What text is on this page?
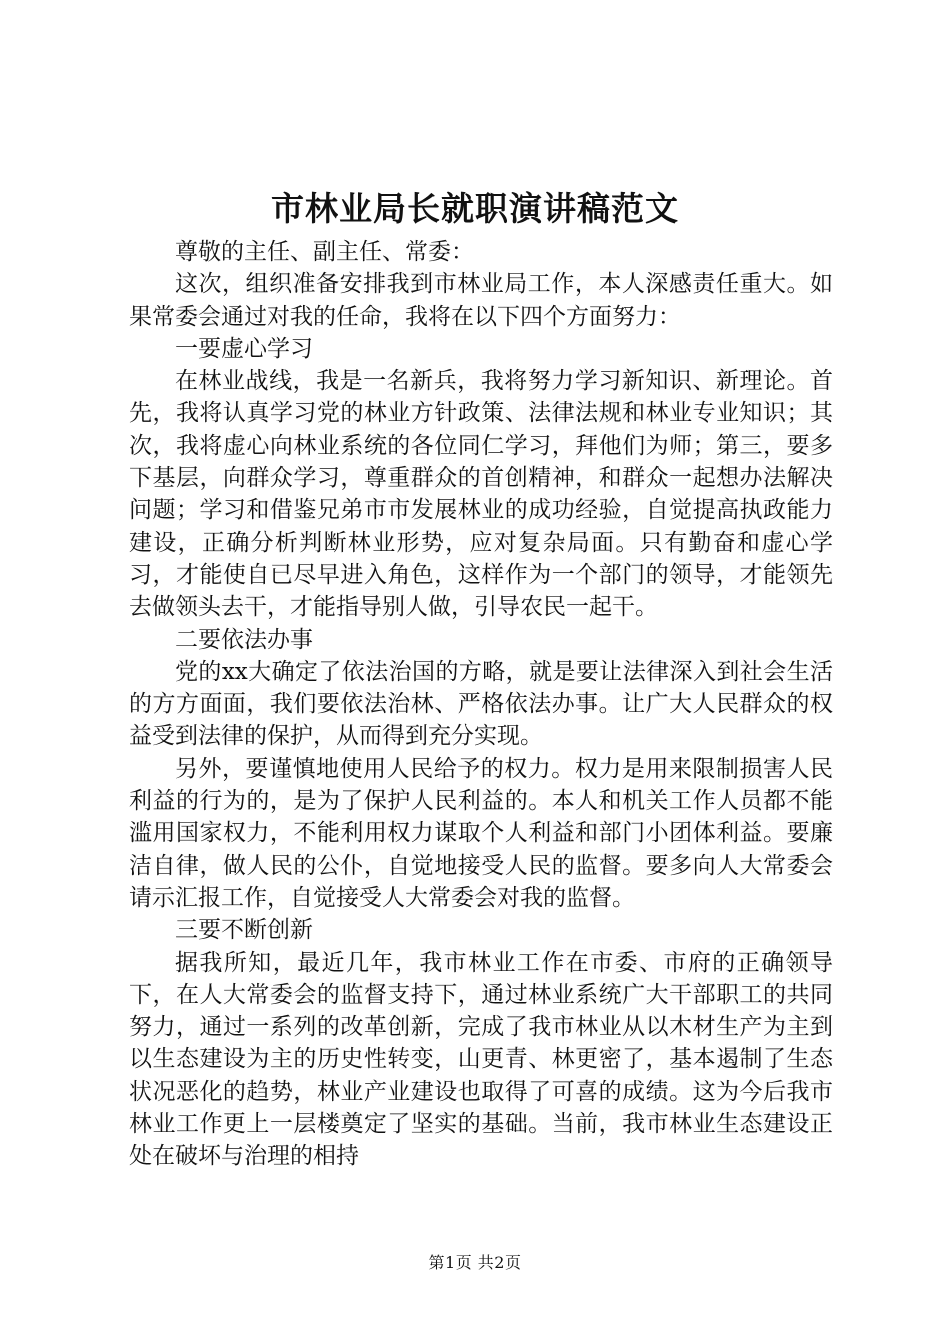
市林业局长就职演讲稿范文

尊敬的主任、副主任、常委：

这次，组织准备安排我到市林业局工作，本人深感责任重大。如果常委会通过对我的任命，我将在以下四个方面努力：

一要虚心学习

在林业战线，我是一名新兵，我将努力学习新知识、新理论。首先，我将认真学习党的林业方针政策、法律法规和林业专业知识；其次，我将虚心向林业系统的各位同仁学习，拜他们为师；第三，要多下基层，向群众学习，尊重群众的首创精神，和群众一起想办法解决问题；学习和借鉴兄弟市市发展林业的成功经验，自觉提高执政能力建设，正确分析判断林业形势，应对复杂局面。只有勤奋和虚心学习，才能使自已尽早进入角色，这样作为一个部门的领导，才能领先去做领头去干，才能指导别人做，引导农民一起干。

二要依法办事

党的xx大确定了依法治国的方略，就是要让法律深入到社会生活的方方面面，我们要依法治林、严格依法办事。让广大人民群众的权益受到法律的保护，从而得到充分实现。

另外，要谨慎地使用人民给予的权力。权力是用来限制损害人民利益的行为的，是为了保护人民利益的。本人和机关工作人员都不能滥用国家权力，不能利用权力谋取个人利益和部门小团体利益。要廉洁自律，做人民的公仆，自觉地接受人民的监督。要多向人大常委会请示汇报工作，自觉接受人大常委会对我的监督。

三要不断创新

据我所知，最近几年，我市林业工作在市委、市府的正确领导下，在人大常委会的监督支持下，通过林业系统广大干部职工的共同努力，通过一系列的改革创新，完成了我市林业从以木材生产为主到以生态建设为主的历史性转变，山更青、林更密了，基本遏制了生态状况恶化的趋势，林业产业建设也取得了可喜的成绩。这为今后我市林业工作更上一层楼奠定了坚实的基础。当前，我市林业生态建设正处在破坏与治理的相持

第1页 共2页
